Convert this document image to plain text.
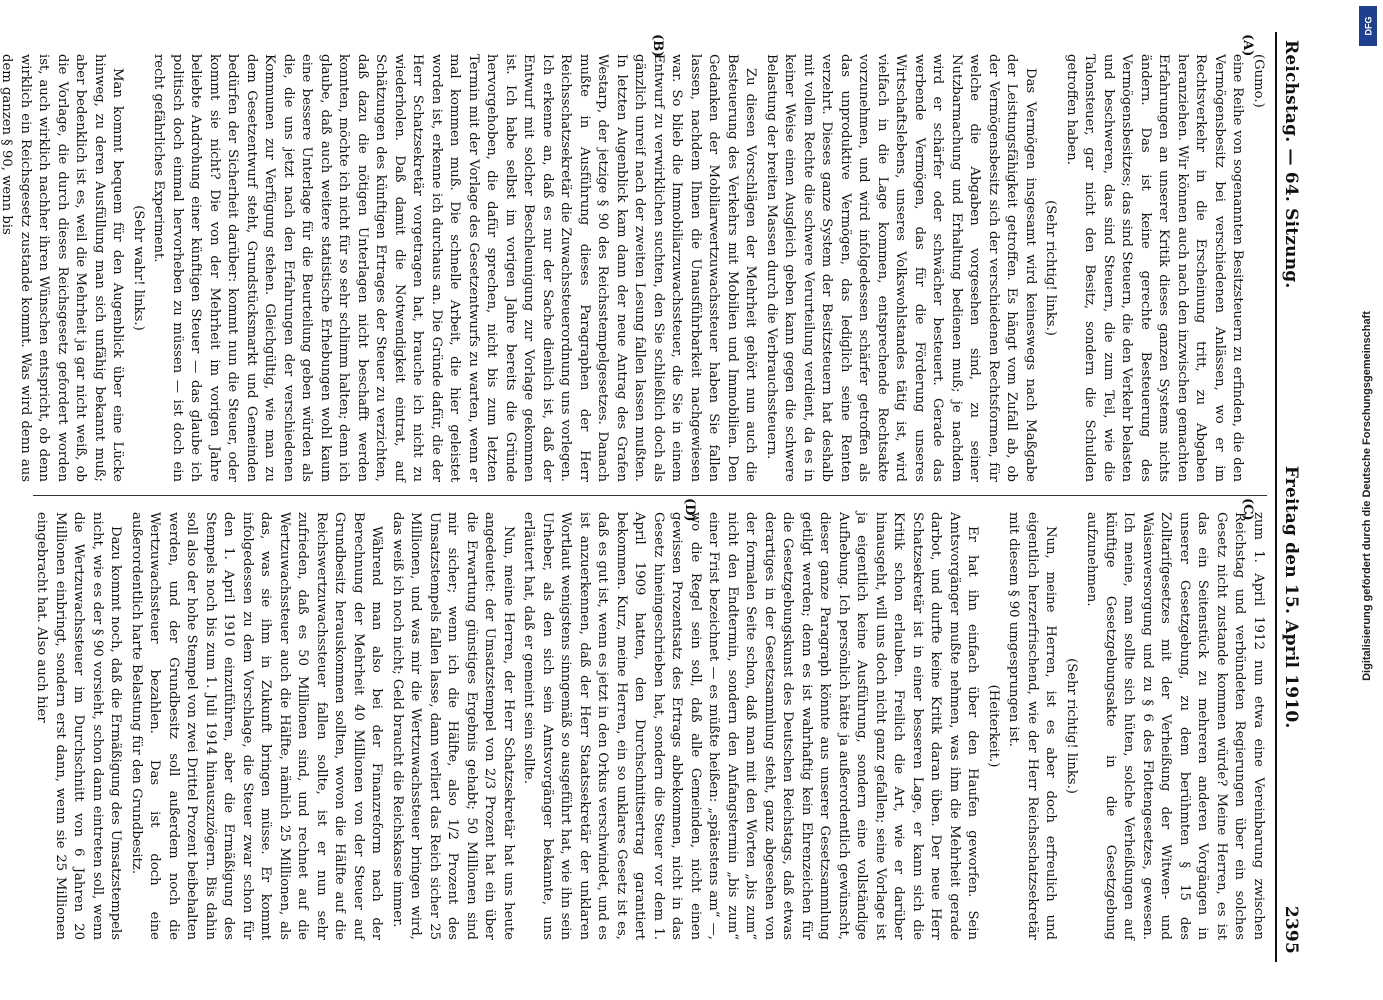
Reichstag. — 64. Sitzung.
Freitag den 15. April 1910.
2395
(A)
(B)
(C)
(D)

(Gumo.)

eine Reihe von sogenannten Besitzsteuern zu erfinden, die den Vermögensbesitz bei verschiedenen Anlässen, wo er im Rechtsverkehr in die Erscheinung tritt, zu Abgaben heranziehen. Wir können auch nach den inzwischen gemachten Erfahrungen an unserer Kritik dieses ganzen Systems nichts ändern. Das ist keine gerechte Besteuerung des Vermögensbesitzes; das sind Steuern, die den Verkehr belasten und beschweren, das sind Steuern, die zum Teil, wie die Talonsteuer, gar nicht den Besitz, sondern die Schulden getroffen haben.

(Sehr richtig! links.)

Das Vermögen insgesamt wird keineswegs nach Maßgabe der Leistungsfähigkeit getroffen. Es hängt vom Zufall ab, ob der Vermögensbesitz sich der verschiedenen Rechtsformen, für welche die Abgaben vorgesehen sind, zu seiner Nutzbarmachung und Erhaltung bedienen muß; je nachdem wird er schärfer oder schwächer besteuert. Gerade das werbende Vermögen, das für die Förderung unseres Wirtschaftslebens, unseres Volkswohlstandes tätig ist, wird vielfach in die Lage kommen, entsprechende Rechtsakte vorzunehmen, und wird infolgedessen schärfer getroffen als das unproduktive Vermögen, das lediglich seine Renten verzehrt. Dieses ganze System der Besitzsteuern hat deshalb mit vollem Rechte die schwere Verurteilung verdient, da es in keiner Weise einen Ausgleich geben kann gegen die schwere Belastung der breiten Massen durch die Verbrauchssteuern.

Zu diesen Vorschlägen der Mehrheit gehört nun auch die Besteuerung des Verkehrs mit Mobilien und Immobilien. Den Gedanken der Mobiliarwertzuwachssteuer haben Sie fallen lassen, nachdem Ihnen die Unausführbarkeit nachgewiesen war. So blieb die Immobiliarzuwachssteuer, die Sie in einem Entwurf zu verwirklichen suchten, den Sie schließlich doch als gänzlich unreif nach der zweiten Lesung fallen lassen mußten. In letzten Augenblick kam dann der neue Antrag des Grafen Westarp, der jetzige § 90 des Reichsstempelgesetzes. Danach mußte in Ausführung dieses Paragraphen der Herr Reichsschatzsekretär die Zuwachssteuerordnung uns vorlegen. Ich erkenne an, daß es nur der Sache dienlich ist, daß der Entwurf mit solcher Beschleunigung zur Vorlage gekommen ist. Ich habe selbst im vorigen Jahre bereits die Gründe hervorgehoben, die dafür sprechen, nicht bis zum letzten Termin mit der Vorlage des Gesetzentwurfs zu warten, wenn er mal kommen muß. Die schnelle Arbeit, die hier geleistet worden ist, erkenne ich durchaus an. Die Gründe dafür, die der Herr Schatzsekretär vorgetragen hat, brauche ich nicht zu wiederholen. Daß damit die Notwendigkeit eintrat, auf Schätzungen des künftigen Ertrages der Steuer zu verzichten, daß dazu die nötigen Unterlagen nicht beschafft werden konnten, möchte ich nicht für so sehr schlimm halten; denn ich glaube, daß auch weitere statistische Erhebungen wohl kaum eine bessere Unterlage für die Beurteilung geben würden als die, die uns jetzt nach den Erfahrungen der verschiedenen Kommunen zur Verfügung stehen. Gleichgültig, wie man zu dem Gesetzentwurf steht, Grundstücksmarkt und Gemeinden bedürfen der Sicherheit darüber: kommt nun die Steuer, oder kommt sie nicht? Die von der Mehrheit im vorigen Jahre beliebte Androhung einer künftigen Steuer — das glaube ich politisch doch einmal hervorheben zu müssen — ist doch ein recht gefährliches Experiment.

(Sehr wahr! links.)

Man kommt bequem für den Augenblick über eine Lücke hinweg, zu deren Ausfüllung man sich unfähig bekannt muß; aber bedenklich ist es, weil die Mehrheit ja gar nicht weiß, ob die Vorlage, die durch dieses Reichsgesetz gefordert worden ist, auch wirklich nachher ihren Wünschen entspricht, ob denn wirklich ein Reichsgesetz zustande kommt. Was wird denn aus dem ganzen § 90, wenn bis

zum 1. April 1912 nun etwa eine Vereinbarung zwischen Reichstag und verbündeten Regierungen über ein solches Gesetz nicht zustande kommen würde? Meine Herren, es ist das ein Seitenstück zu mehreren anderen Vorgängen in unserer Gesetzgebung, zu dem berühmten § 15 des Zolltarifgesetzes mit der Verheißung der Witwen- und Waisenversorgung und zu § 6 des Flottengesetzes, gewesen. Ich meine, man sollte sich hüten, solche Verheißungen auf künftige Gesetzgebungsakte in die Gesetzgebung aufzunehmen.

(Sehr richtig! links.)

Nun, meine Herren, ist es aber doch erfreulich und eigentlich herzerfrischend, wie der Herr Reichsschatzsekretär mit diesem § 90 umgesprungen ist.

(Heiterkeit.)

Er hat ihn einfach über den Haufen geworfen. Sein Amtsvorgänger mußte nehmen, was ihm die Mehrheit gerade darbot, und durfte keine Kritik daran üben. Der neue Herr Schatzsekretär ist in einer besseren Lage, er kann sich die Kritik schon erlauben. Freilich die Art, wie er darüber hinausgeht, will uns doch nicht ganz gefallen; seine Vorlage ist ja eigentlich keine Ausführung, sondern eine vollständige Aufhebung. Ich persönlich hätte ja außerordentlich gewünscht, dieser ganze Paragraph könnte aus unserer Gesetzsammlung getilgt werden; denn es ist wahrhaftig kein Ehrenzeichen für die Gesetzgebungskunst des Deutschen Reichstags, daß etwas derartiges in der Gesetzsammlung steht, ganz abgesehen von der formalen Seite schon, daß man mit den Worten „bis zum“ nicht den Endtermin, sondern den Anfangstermin „bis zum“ einer Frist bezeichnet — es müßte heißen: „spätestens am“ —, wo die Regel sein soll, daß alle Gemeinden, nicht einen gewissen Prozentsatz des Ertrags abbekommen, nicht in das Gesetz hineingeschrieben hat, sondern die Steuer vor dem 1. April 1909 hatten, den Durchschnittsertrag garantiert bekommen. Kurz, meine Herren, ein so unklares Gesetz ist es, daß es gut ist, wenn es jetzt in den Orkus verschwindet, und es ist anzuerkennen, daß der Herr Staatssekretär der unklaren Wortlaut wenigstens sinngemäß so ausgeführt hat, wie ihn sein Urheber, als den sich sein Amtsvorgänger bekannte, uns erläutert hat, daß er gemeint sein sollte.

Nun, meine Herren, der Herr Schatzsekretär hat uns heute angedeutet: der Umsatzstempel von 2/3 Prozent hat ein über die Erwartung günstiges Ergebnis gehabt; 50 Millionen sind mir sicher; wenn ich die Hälfte, also 1/2 Prozent des Umsatzstempels fallen lasse, dann verliert das Reich sicher 25 Millionen, und was mir die Wertzuwachssteuer bringen wird, das weiß ich noch nicht; Geld braucht die Reichskasse immer.

Während man also bei der Finanzreform nach der Berechnung der Mehrheit 40 Millionen von der Steuer auf Grundbesitz herauskommen sollten, wovon die Hälfte auf die Reichswertzuwachssteuer fallen sollte, ist er nun sehr zufrieden, daß es 50 Millionen sind, und rechnet auf die Wertzuwachssteuer auch die Hälfte, nämlich 25 Millionen, als das, was sie ihm in Zukunft bringen müsse. Er kommt infolgedessen zu dem Vorschlage, die Steuer zwar schon für den 1. April 1910 einzuführen, aber die Ermäßigung des Stempels noch bis zum 1. Juli 1914 hinauszuzögern. Bis dahin soll also der hohe Stempel von zwei Drittel Prozent beibehalten werden, und der Grundbesitz soll außerdem noch die Wertzuwachssteuer bezahlen. Das ist doch eine außerordentlich harte Belastung für den Grundbesitz.

Dazu kommt noch, daß die Ermäßigung des Umsatzstempels nicht, wie es der § 90 vorsieht, schon dann eintreten soll, wenn die Wertzuwachssteuer im Durchschnitt von 6 Jahren 20 Millionen einbringt, sondern erst dann, wenn sie 25 Millionen eingebracht hat. Also auch hier

DFG
Digitalisierung gefördert durch die Deutsche Forschungsgemeinschaft
